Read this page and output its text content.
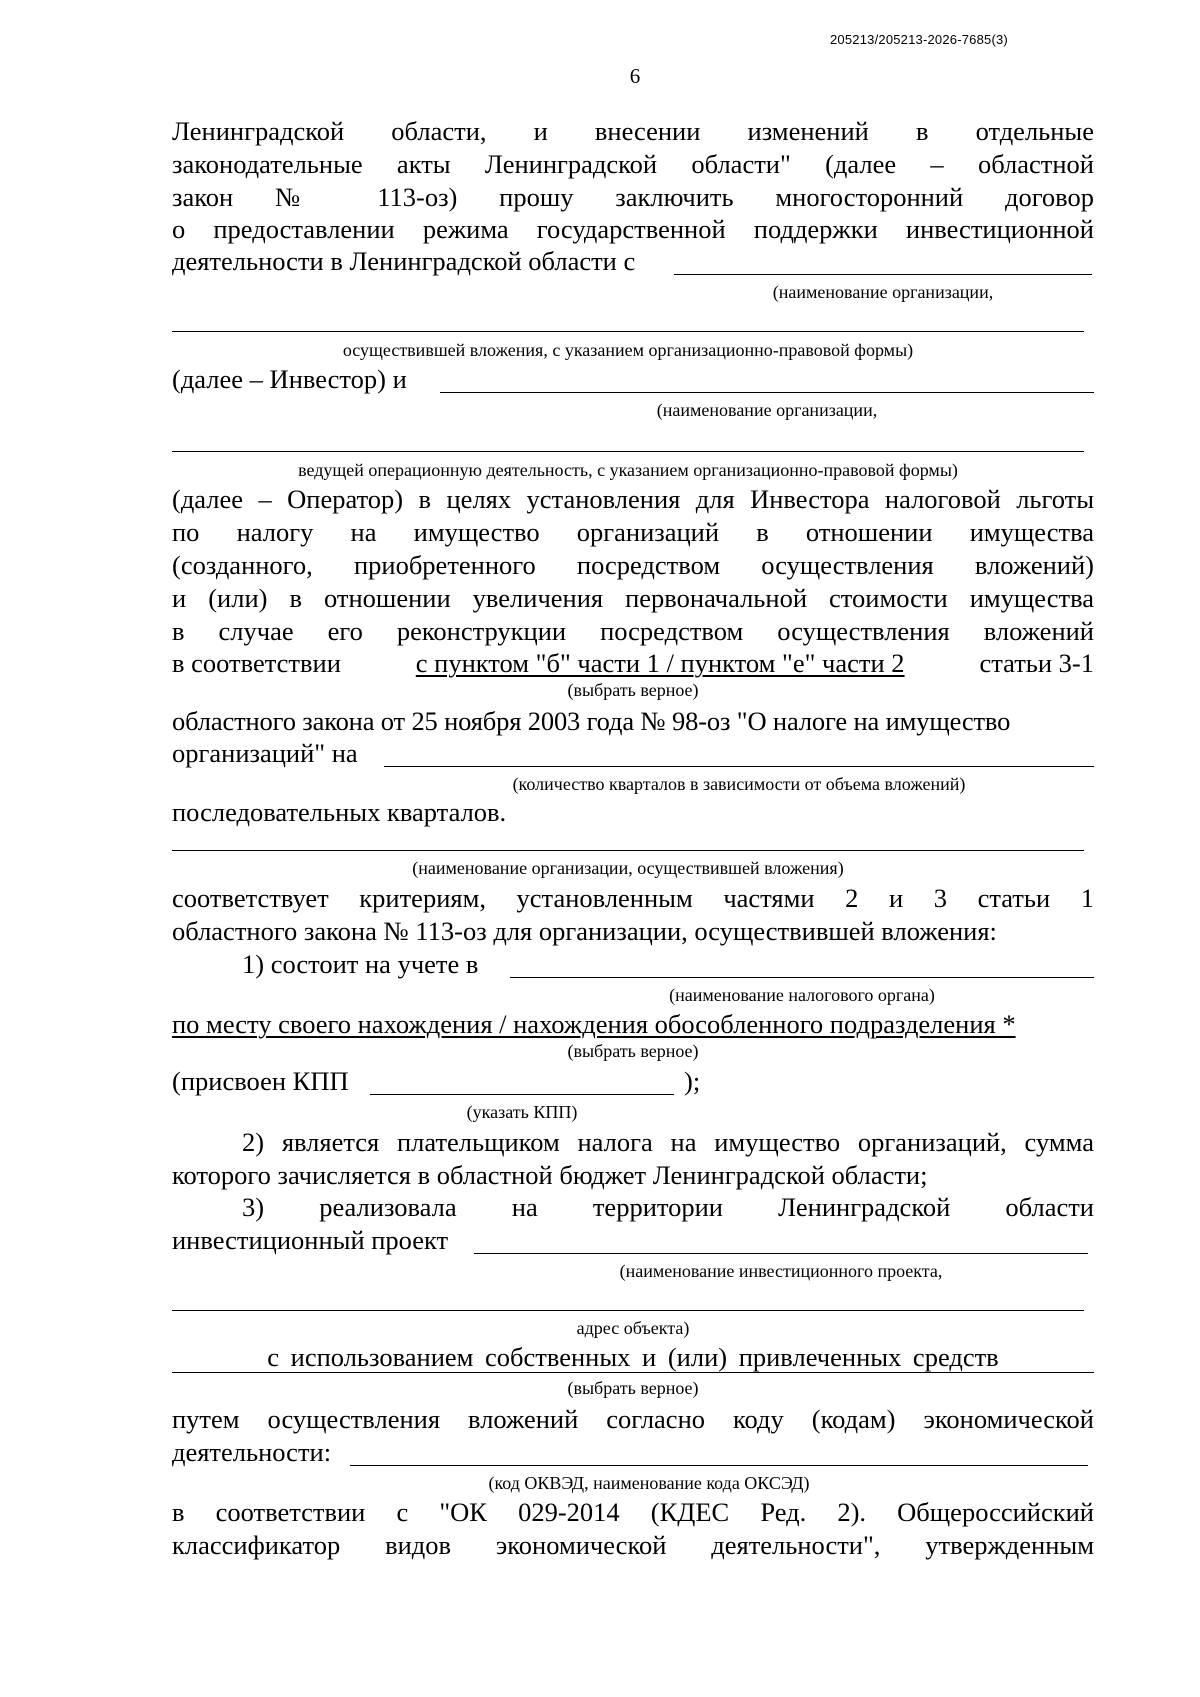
205213/205213-2026-7685(3)
6
Ленинградской области, и внесении изменений в отдельные
законодательные акты Ленинградской области" (далее – областной
закон № 113-оз) прошу заключить многосторонний договор
о предоставлении режима государственной поддержки инвестиционной
деятельности в Ленинградской области с
(наименование организации,
осуществившей вложения, с указанием организационно-правовой формы)
(далее – Инвестор) и
(наименование организации,
ведущей операционную деятельность, с указанием организационно-правовой формы)
(далее – Оператор) в целях установления для Инвестора налоговой льготы
по налогу на имущество организаций в отношении имущества
(созданного, приобретенного посредством осуществления вложений)
и (или) в отношении увеличения первоначальной стоимости имущества
в случае его реконструкции посредством осуществления вложений
в соответствии	с пунктом "б" части 1 / пунктом "е" части 2	статьи 3-1
(выбрать верное)
областного закона от 25 ноября 2003 года № 98-оз "О налоге на имущество
организаций" на
(количество кварталов в зависимости от объема вложений)
последовательных кварталов.
(наименование организации, осуществившей вложения)
соответствует критериям, установленным частями 2 и 3 статьи 1
областного закона № 113-оз для организации, осуществившей вложения:
1) состоит на учете в
(наименование налогового органа)
по месту своего нахождения / нахождения обособленного подразделения *
(выбрать верное)
(присвоен КПП	);
(указать КПП)
2) является плательщиком налога на имущество организаций, сумма
которого зачисляется в областной бюджет Ленинградской области;
3) реализовала на территории Ленинградской области
инвестиционный проект
(наименование инвестиционного проекта,
адрес объекта)
с использованием собственных и (или) привлеченных средств
(выбрать верное)
путем осуществления вложений согласно коду (кодам) экономической
деятельности:
(код ОКВЭД, наименование кода ОКСЭД)
в соответствии с "ОК 029-2014 (КДЕС Ред. 2). Общероссийский
классификатор видов экономической деятельности", утвержденным
